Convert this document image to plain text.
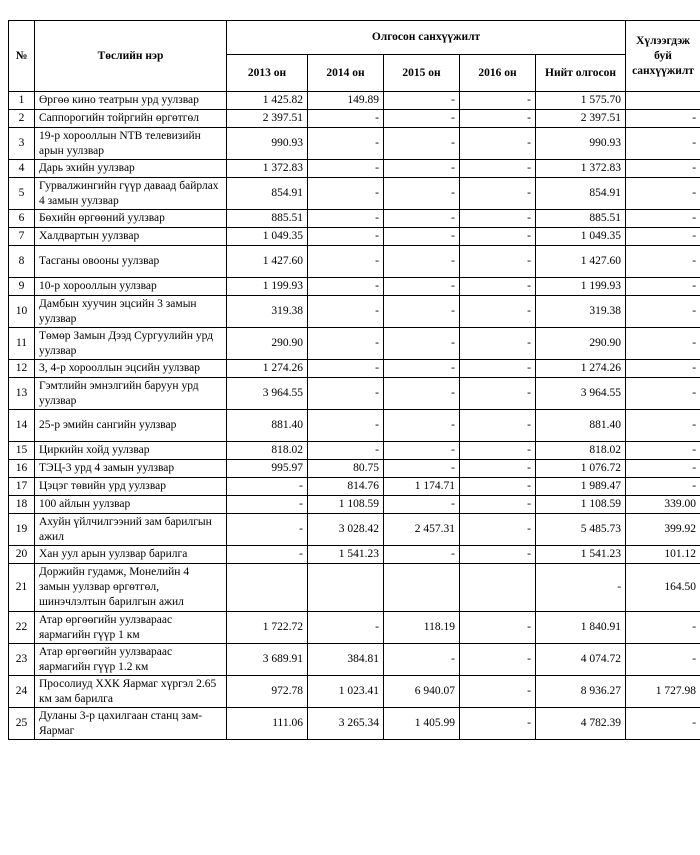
№	Төслийн нэр	Олгосон санхүүжилт					Хүлээгдэж буй санхүүжилт
		2013 он	2014 он	2015 он	2016 он	Нийт олгосон	
1	Өргөө кино театрын урд уулзвар	1 425.82	149.89	-	-	1 575.70	
2	Саппорогийн тойргийн өргөтгөл	2 397.51	-	-	-	2 397.51	-
3	19-р хорооллын NTB телевизийн арын уулзвар	990.93	-	-	-	990.93	-
4	Дарь эхийн уулзвар	1 372.83	-	-	-	1 372.83	-
5	Гурвалжингийн гүүр даваад байрлах 4 замын уулзвар	854.91	-	-	-	854.91	-
6	Бөхийн өргөөний уулзвар	885.51	-	-	-	885.51	-
7	Халдвартын уулзвар	1 049.35	-	-	-	1 049.35	-
8	Тасганы овооны уулзвар	1 427.60	-	-	-	1 427.60	-
9	10-р хорооллын уулзвар	1 199.93	-	-	-	1 199.93	-
10	Дамбын хуучин эцсийн 3 замын уулзвар	319.38	-	-	-	319.38	-
11	Төмөр Замын Дээд Сургуулийн урд уулзвар	290.90	-	-	-	290.90	-
12	3, 4-р хорооллын эцсийн уулзвар	1 274.26	-	-	-	1 274.26	-
13	Гэмтлийн эмнэлгийн баруун урд уулзвар	3 964.55	-	-	-	3 964.55	-
14	25-р эмийн сангийн уулзвар	881.40	-	-	-	881.40	-
15	Циркийн хойд уулзвар	818.02	-	-	-	818.02	-
16	ТЭЦ-3 урд 4 замын уулзвар	995.97	80.75	-	-	1 076.72	-
17	Цэцэг төвийн урд уулзвар	-	814.76	1 174.71	-	1 989.47	-
18	100 айлын уулзвар	-	1 108.59	-	-	1 108.59	339.00
19	Ахуйн үйлчилгээний зам барилгын ажил	-	3 028.42	2 457.31	-	5 485.73	399.92
20	Хан уул арын уулзвар барилга	-	1 541.23	-	-	1 541.23	101.12
21	Доржийн гудамж, Монелийн 4 замын уулзвар өргөтгөл, шинэчлэлтын барилгын ажил					-	164.50
22	Атар өргөөгийн уулзвараас яармагийн гүүр 1 км	1 722.72	-	118.19	-	1 840.91	-
23	Атар өргөөгийн уулзвараас яармагийн гүүр 1.2 км	3 689.91	384.81	-	-	4 074.72	-
24	Просолиуд ХХК Яармаг хүргэл 2.65 км зам барилга	972.78	1 023.41	6 940.07	-	8 936.27	1 727.98
25	Дуланы 3-р цахилгаан станц зам-Яармаг	111.06	3 265.34	1 405.99	-	4 782.39	-
